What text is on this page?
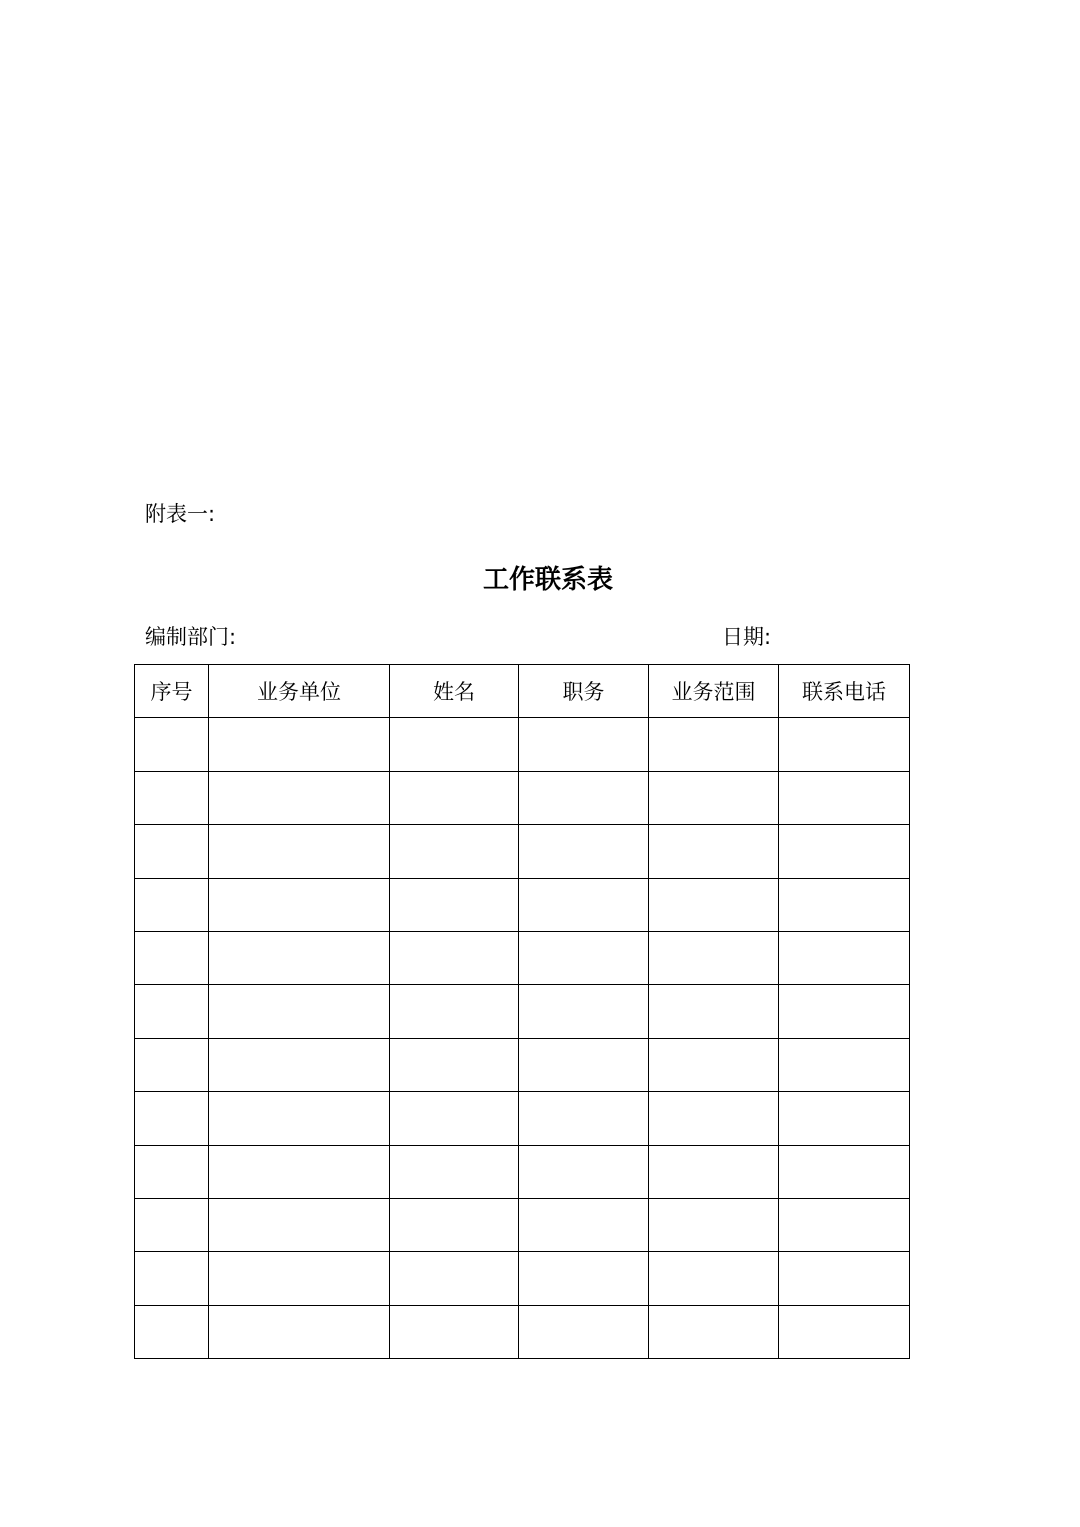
附表一:
工作联系表
编制部门:	日期:
序号	业务单位	姓名	职务	业务范围	联系电话
